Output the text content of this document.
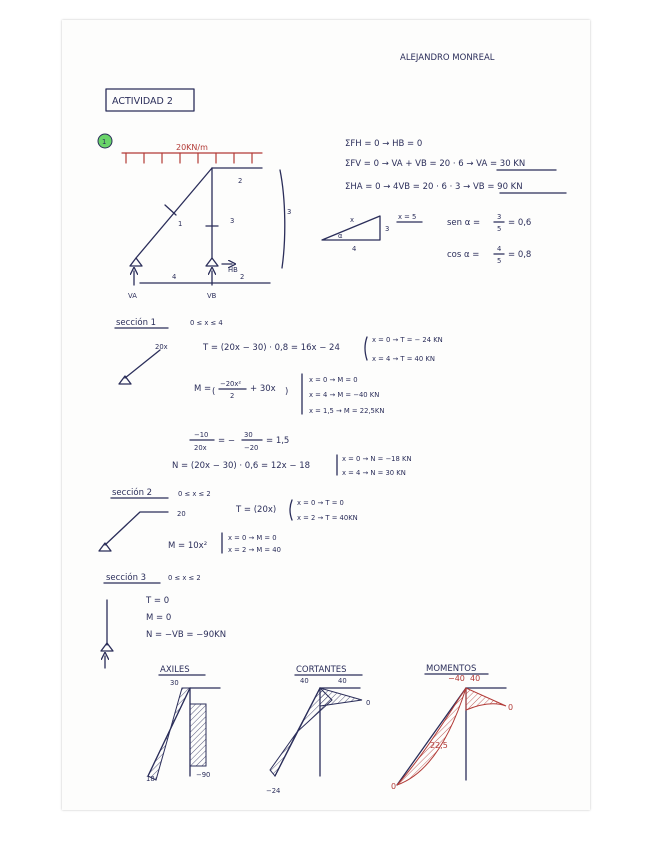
ALEJANDRO MONREAL
ACTIVIDAD 2
1
20KN/m
1
2
3
3
4	2
VA	VB
HB
ΣFH = 0 → HB = 0
ΣFV = 0 → VA + VB = 20 · 6 → VA = 30 KN
ΣHA = 0 → 4VB = 20 · 6 · 3 → VB = 90 KN
x
3
4
α
x = 5
sen α =
3
5
= 0,6
cos α =
4
5
= 0,8
sección 1	0 ≤ x ≤ 4
20x	T = (20x − 30) · 0,8 = 16x − 24
x = 0 → T = − 24 KN
x = 4 → T = 40 KN
M = (
−20x²
2
+ 30x )
x = 0 → M = 0
x = 4 → M = −40 KN
x = 1,5 → M = 22,5KN
−10
20x
= −
30
−20
= 1,5
N = (20x − 30) · 0,6 = 12x − 18
x = 0 → N = −18 KN
x = 4 → N = 30 KN
sección 2	0 ≤ x ≤ 2
20	T = (20x)
x = 0 → T = 0
x = 2 → T = 40KN
M = 10x²
x = 0 → M = 0
x = 2 → M = 40
sección 3	0 ≤ x ≤ 2
T = 0
M = 0
N = −VB = −90KN
AXILES
30
18	−90
CORTANTES
40	40
0
−24
MOMENTOS
−40 40
0
0
22,5
